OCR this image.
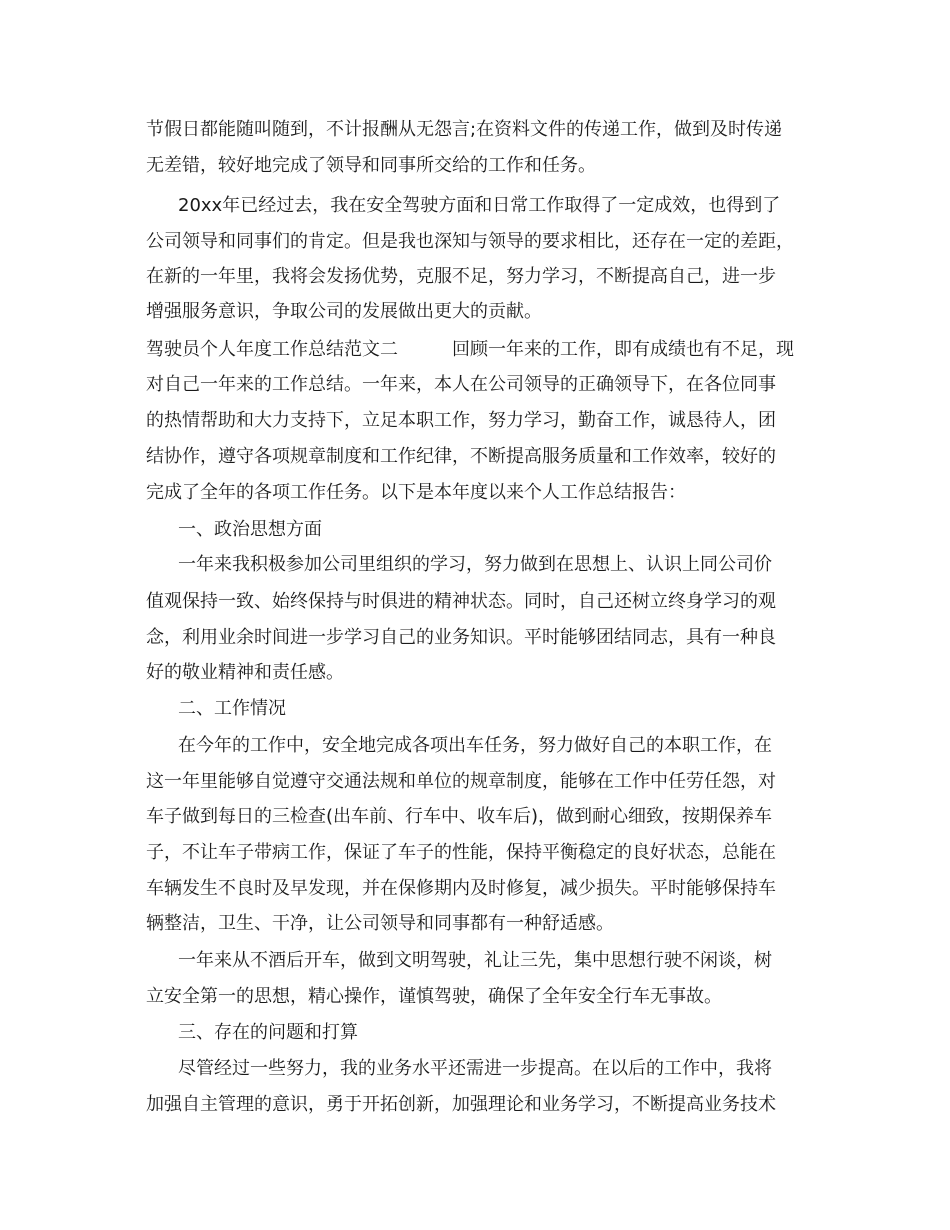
节假日都能随叫随到，不计报酬从无怨言;在资料文件的传递工作，做到及时传递

无差错，较好地完成了领导和同事所交给的工作和任务。

20xx年已经过去，我在安全驾驶方面和日常工作取得了一定成效，也得到了

公司领导和同事们的肯定。但是我也深知与领导的要求相比，还存在一定的差距，

在新的一年里，我将会发扬优势，克服不足，努力学习，不断提高自己，进一步

增强服务意识，争取公司的发展做出更大的贡献。

驾驶员个人年度工作总结范文二　　　回顾一年来的工作，即有成绩也有不足，现

对自己一年来的工作总结。一年来，本人在公司领导的正确领导下，在各位同事

的热情帮助和大力支持下，立足本职工作，努力学习，勤奋工作，诚恳待人，团

结协作，遵守各项规章制度和工作纪律，不断提高服务质量和工作效率，较好的

完成了全年的各项工作任务。以下是本年度以来个人工作总结报告：

一、政治思想方面

一年来我积极参加公司里组织的学习，努力做到在思想上、认识上同公司价

值观保持一致、始终保持与时俱进的精神状态。同时，自己还树立终身学习的观

念，利用业余时间进一步学习自己的业务知识。平时能够团结同志，具有一种良

好的敬业精神和责任感。

二、工作情况

在今年的工作中，安全地完成各项出车任务，努力做好自己的本职工作，在

这一年里能够自觉遵守交通法规和单位的规章制度，能够在工作中任劳任怨，对

车子做到每日的三检查(出车前、行车中、收车后)，做到耐心细致，按期保养车

子，不让车子带病工作，保证了车子的性能，保持平衡稳定的良好状态，总能在

车辆发生不良时及早发现，并在保修期内及时修复，减少损失。平时能够保持车

辆整洁，卫生、干净，让公司领导和同事都有一种舒适感。

一年来从不酒后开车，做到文明驾驶，礼让三先，集中思想行驶不闲谈，树

立安全第一的思想，精心操作，谨慎驾驶，确保了全年安全行车无事故。

三、存在的问题和打算

尽管经过一些努力，我的业务水平还需进一步提高。在以后的工作中，我将

加强自主管理的意识，勇于开拓创新，加强理论和业务学习，不断提高业务技术
